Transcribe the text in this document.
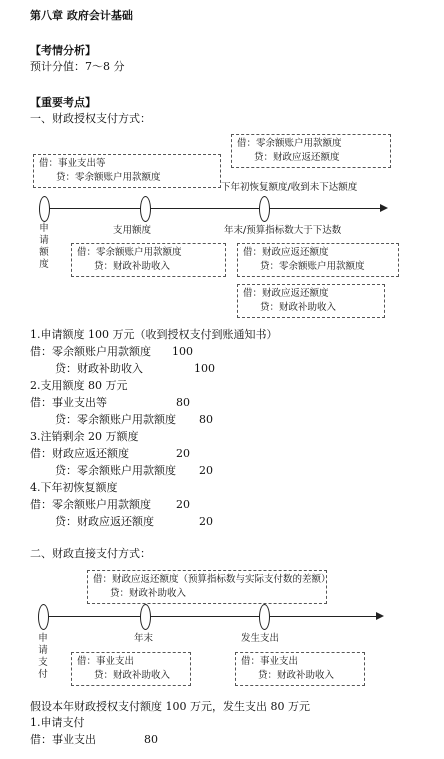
第八章 政府会计基础
【考情分析】
预计分值：7～8 分
【重要考点】
一、财政授权支付方式：
借：零余额账户用款额度
贷：财政应返还额度
借：事业支出等
贷：零余额账户用款额度
下年初恢复额度/收到未下达额度
申请额度
支用额度	年末/预算指标数大于下达数
借：零余额账户用款额度
贷：财政补助收入
借：财政应返还额度
贷：零余额账户用款额度
借：财政应返还额度
贷：财政补助收入
1.申请额度 100 万元（收到授权支付到账通知书）
借：零余额账户用款额度 100
贷：财政补助收入	100
2.支用额度 80 万元
借：事业支出等	80
贷：零余额账户用款额度 80
3.注销剩余 20 万额度
借：财政应返还额度	20
贷：零余额账户用款额度 20
4.下年初恢复额度
借：零余额账户用款额度 20
贷：财政应返还额度	20
二、财政直接支付方式：
借：财政应返还额度（预算指标数与实际支付数的差额）
贷：财政补助收入
申请支付
年末	发生支出
借：事业支出
贷：财政补助收入
借：事业支出
贷：财政补助收入
假设本年财政授权支付额度 100 万元，发生支出 80 万元
1.申请支付
借：事业支出	80
